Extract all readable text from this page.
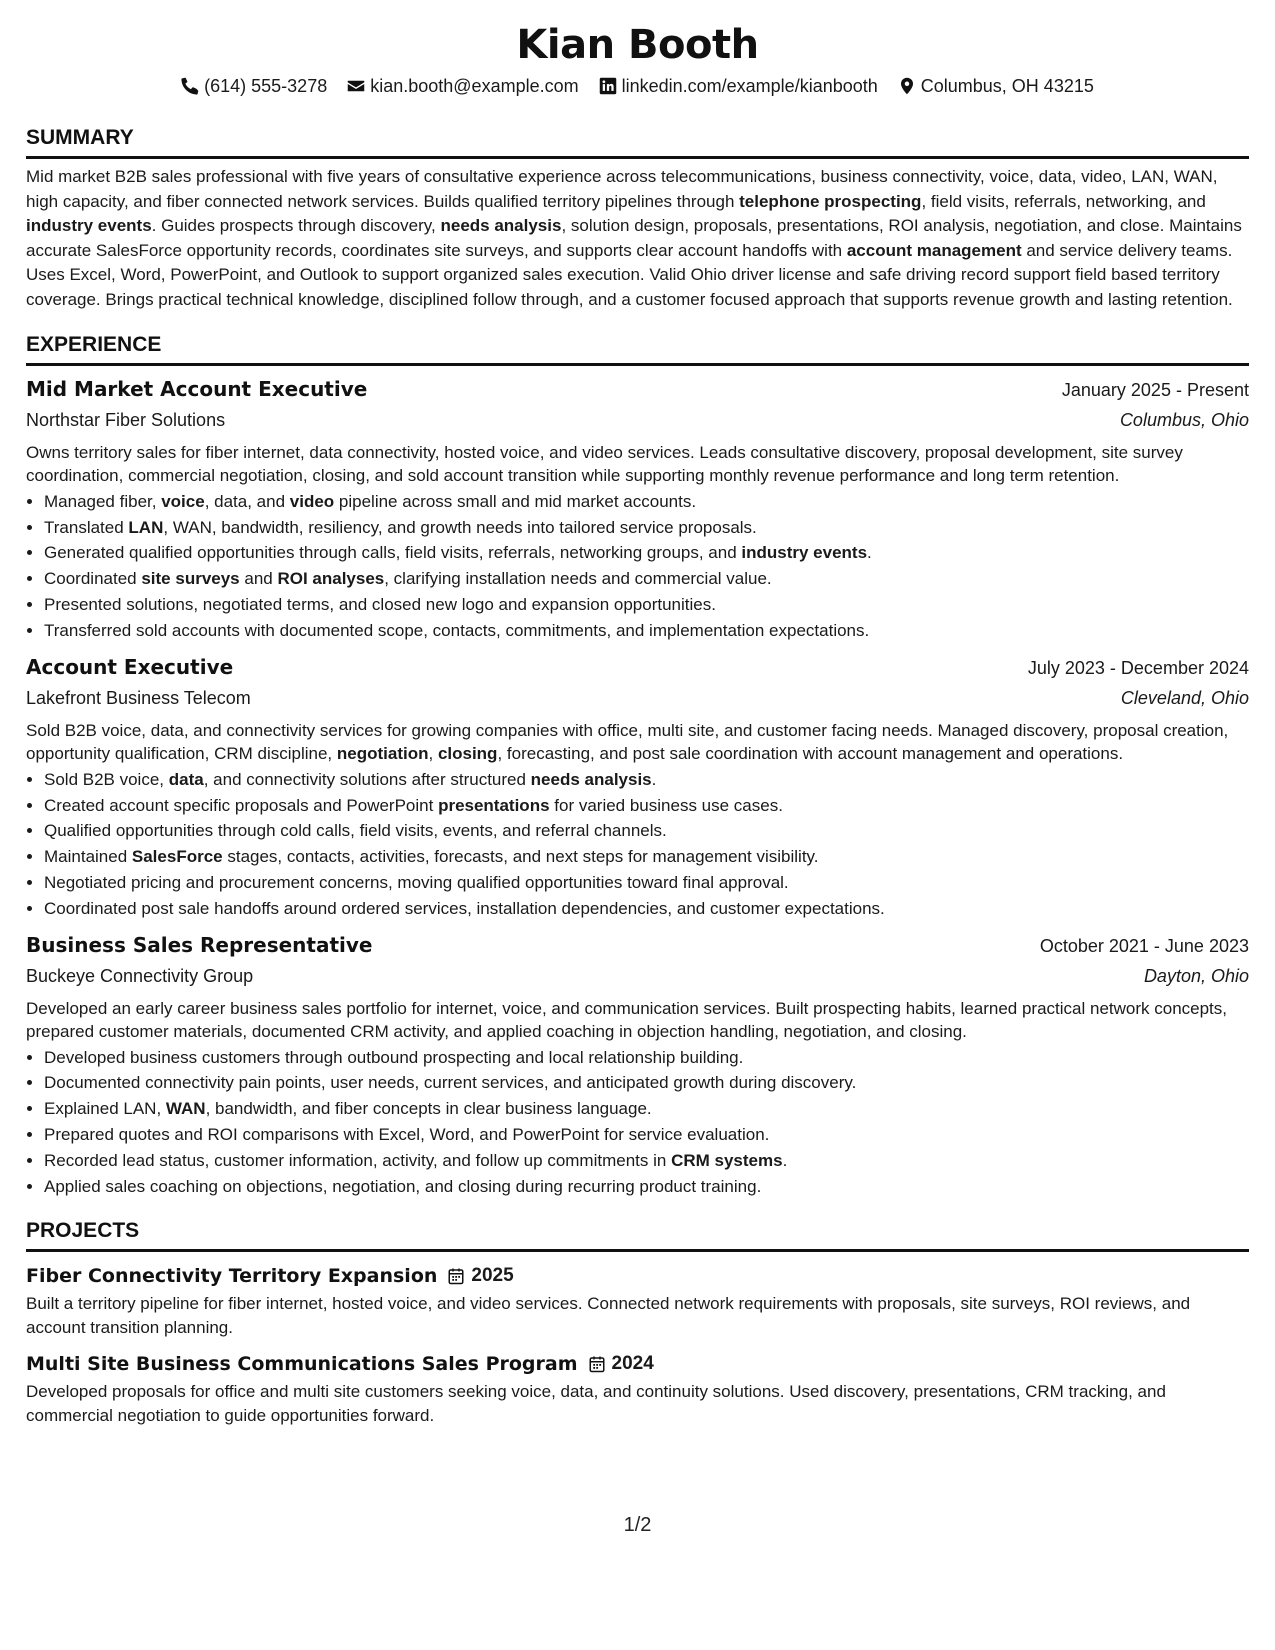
Kian Booth
(614) 555-3278 kian.booth@example.com linkedin.com/example/kianbooth Columbus, OH 43215
SUMMARY
Mid market B2B sales professional with five years of consultative experience across telecommunications, business connectivity, voice, data, video, LAN, WAN, high capacity, and fiber connected network services. Builds qualified territory pipelines through telephone prospecting, field visits, referrals, networking, and industry events. Guides prospects through discovery, needs analysis, solution design, proposals, presentations, ROI analysis, negotiation, and close. Maintains accurate SalesForce opportunity records, coordinates site surveys, and supports clear account handoffs with account management and service delivery teams. Uses Excel, Word, PowerPoint, and Outlook to support organized sales execution. Valid Ohio driver license and safe driving record support field based territory coverage. Brings practical technical knowledge, disciplined follow through, and a customer focused approach that supports revenue growth and lasting retention.
EXPERIENCE
Mid Market Account Executive	January 2025 - Present
Northstar Fiber Solutions	Columbus, Ohio
Owns territory sales for fiber internet, data connectivity, hosted voice, and video services. Leads consultative discovery, proposal development, site survey coordination, commercial negotiation, closing, and sold account transition while supporting monthly revenue performance and long term retention.
• Managed fiber, voice, data, and video pipeline across small and mid market accounts.
• Translated LAN, WAN, bandwidth, resiliency, and growth needs into tailored service proposals.
• Generated qualified opportunities through calls, field visits, referrals, networking groups, and industry events.
• Coordinated site surveys and ROI analyses, clarifying installation needs and commercial value.
• Presented solutions, negotiated terms, and closed new logo and expansion opportunities.
• Transferred sold accounts with documented scope, contacts, commitments, and implementation expectations.
Account Executive	July 2023 - December 2024
Lakefront Business Telecom	Cleveland, Ohio
Sold B2B voice, data, and connectivity services for growing companies with office, multi site, and customer facing needs. Managed discovery, proposal creation, opportunity qualification, CRM discipline, negotiation, closing, forecasting, and post sale coordination with account management and operations.
• Sold B2B voice, data, and connectivity solutions after structured needs analysis.
• Created account specific proposals and PowerPoint presentations for varied business use cases.
• Qualified opportunities through cold calls, field visits, events, and referral channels.
• Maintained SalesForce stages, contacts, activities, forecasts, and next steps for management visibility.
• Negotiated pricing and procurement concerns, moving qualified opportunities toward final approval.
• Coordinated post sale handoffs around ordered services, installation dependencies, and customer expectations.
Business Sales Representative	October 2021 - June 2023
Buckeye Connectivity Group	Dayton, Ohio
Developed an early career business sales portfolio for internet, voice, and communication services. Built prospecting habits, learned practical network concepts, prepared customer materials, documented CRM activity, and applied coaching in objection handling, negotiation, and closing.
• Developed business customers through outbound prospecting and local relationship building.
• Documented connectivity pain points, user needs, current services, and anticipated growth during discovery.
• Explained LAN, WAN, bandwidth, and fiber concepts in clear business language.
• Prepared quotes and ROI comparisons with Excel, Word, and PowerPoint for service evaluation.
• Recorded lead status, customer information, activity, and follow up commitments in CRM systems.
• Applied sales coaching on objections, negotiation, and closing during recurring product training.
PROJECTS
Fiber Connectivity Territory Expansion 2025
Built a territory pipeline for fiber internet, hosted voice, and video services. Connected network requirements with proposals, site surveys, ROI reviews, and account transition planning.
Multi Site Business Communications Sales Program 2024
Developed proposals for office and multi site customers seeking voice, data, and continuity solutions. Used discovery, presentations, CRM tracking, and commercial negotiation to guide opportunities forward.
1/2
